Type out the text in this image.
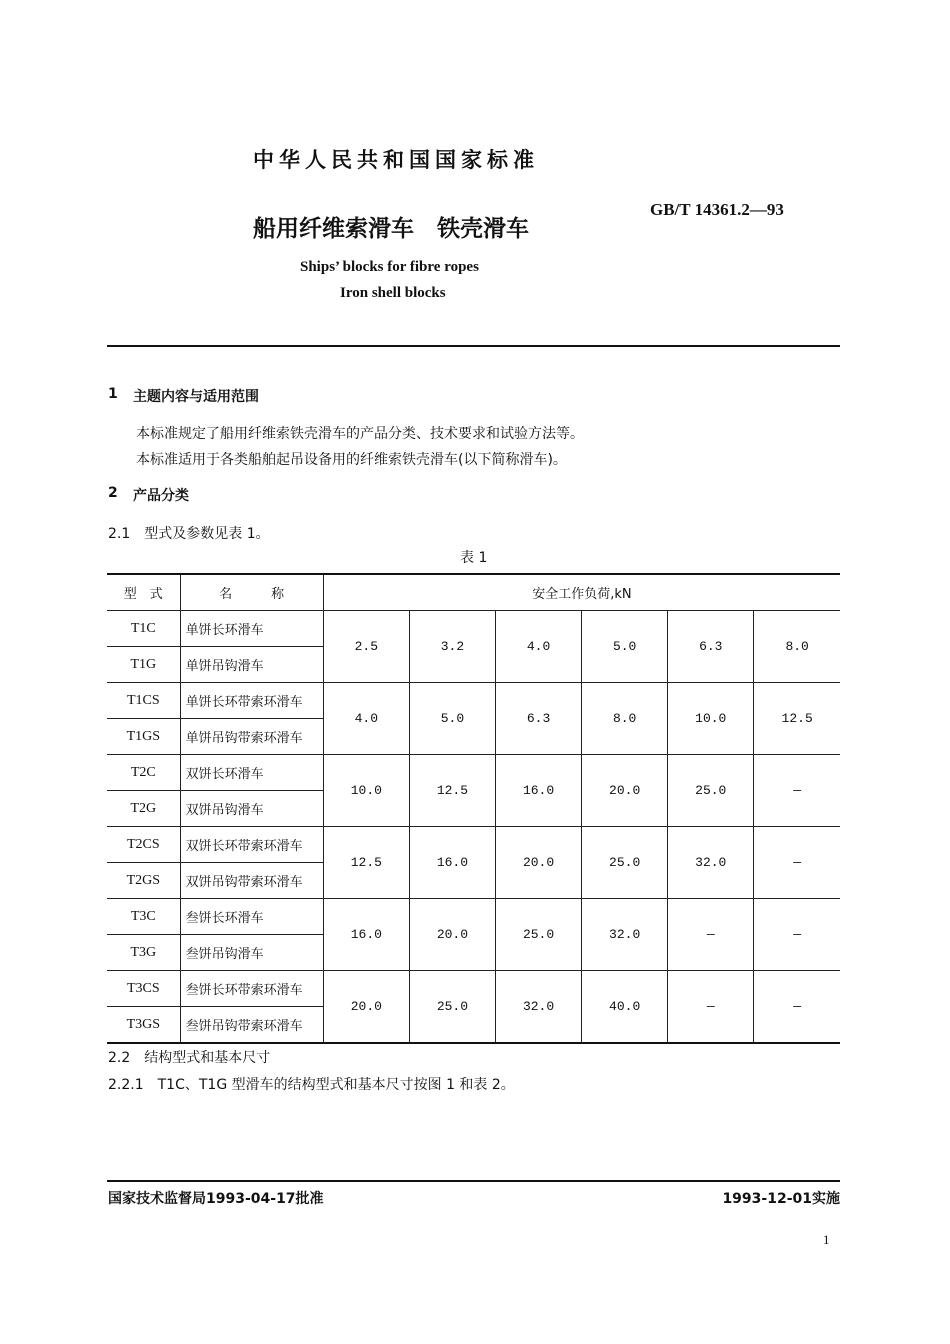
中华人民共和国国家标准
船用纤维索滑车　铁壳滑车
GB/T 14361.2—93
Ships’ blocks for fibre ropes
Iron shell blocks
1 主题内容与适用范围
本标准规定了船用纤维索铁壳滑车的产品分类、技术要求和试验方法等。
本标准适用于各类船舶起吊设备用的纤维索铁壳滑车(以下简称滑车)。
2 产品分类
2.1　型式及参数见表 1。
表 1
型　式	名　　　称	安全工作负荷,kN					
T1C	单饼长环滑车	2.5	3.2	4.0	5.0	6.3	8.0
T1G	单饼吊钩滑车						
T1CS	单饼长环带索环滑车	4.0	5.0	6.3	8.0	10.0	12.5
T1GS	单饼吊钩带索环滑车						
T2C	双饼长环滑车	10.0	12.5	16.0	20.0	25.0	—
T2G	双饼吊钩滑车						
T2CS	双饼长环带索环滑车	12.5	16.0	20.0	25.0	32.0	—
T2GS	双饼吊钩带索环滑车						
T3C	叁饼长环滑车	16.0	20.0	25.0	32.0	—	—
T3G	叁饼吊钩滑车						
T3CS	叁饼长环带索环滑车	20.0	25.0	32.0	40.0	—	—
T3GS	叁饼吊钩带索环滑车						
2.2　结构型式和基本尺寸
2.2.1　T1C、T1G 型滑车的结构型式和基本尺寸按图 1 和表 2。
国家技术监督局1993-04-17批准	1993-12-01实施
1
